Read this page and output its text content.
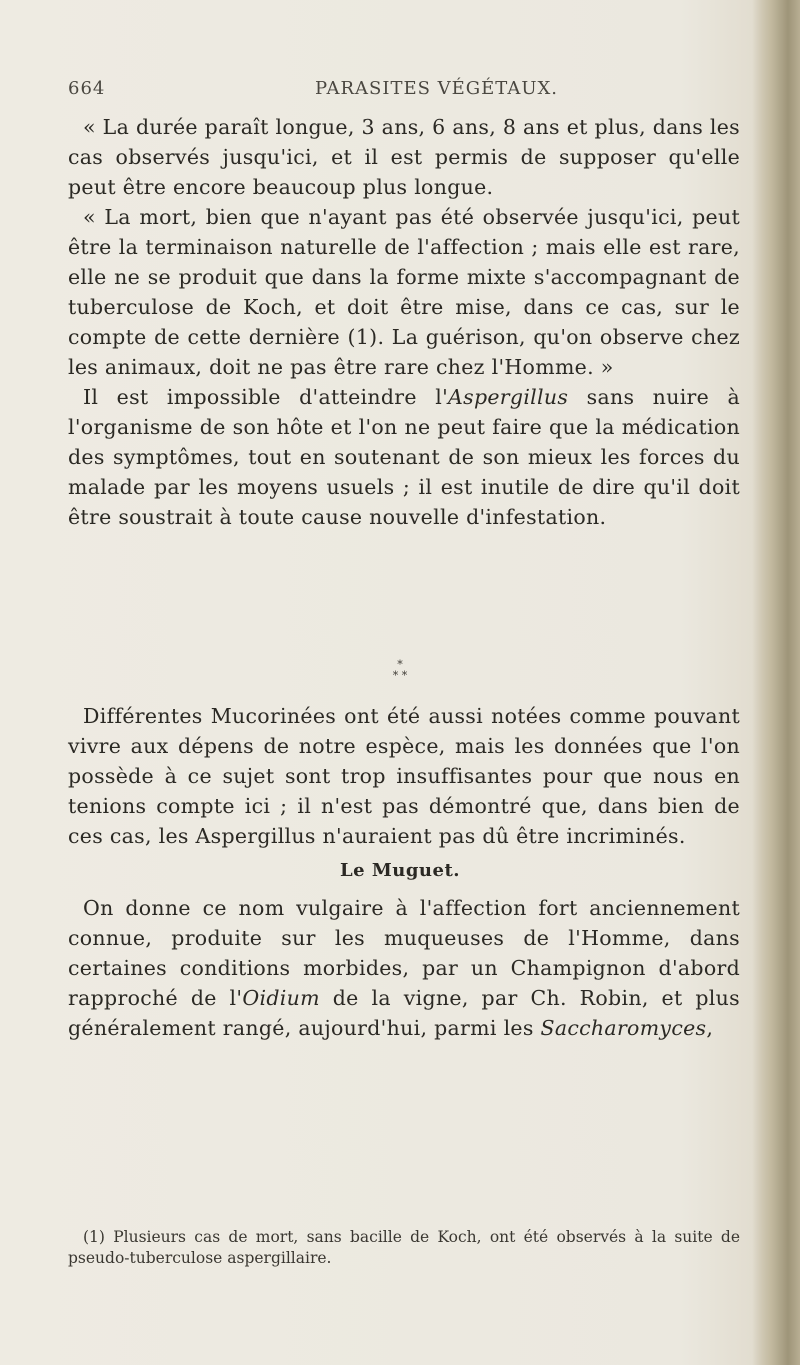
664	PARASITES VÉGÉTAUX.

« La durée paraît longue, 3 ans, 6 ans, 8 ans et plus, dans les cas observés jusqu'ici, et il est permis de supposer qu'elle peut être encore beaucoup plus longue.

« La mort, bien que n'ayant pas été observée jusqu'ici, peut être la terminaison naturelle de l'affection ; mais elle est rare, elle ne se produit que dans la forme mixte s'accompagnant de tuberculose de Koch, et doit être mise, dans ce cas, sur le compte de cette dernière (1). La guérison, qu'on observe chez les animaux, doit ne pas être rare chez l'Homme. »

Il est impossible d'atteindre l'Aspergillus sans nuire à l'organisme de son hôte et l'on ne peut faire que la médication des symptômes, tout en soutenant de son mieux les forces du malade par les moyens usuels ; il est inutile de dire qu'il doit être soustrait à toute cause nouvelle d'infestation.

*
* *

Différentes Mucorinées ont été aussi notées comme pouvant vivre aux dépens de notre espèce, mais les données que l'on possède à ce sujet sont trop insuffisantes pour que nous en tenions compte ici ; il n'est pas démontré que, dans bien de ces cas, les Aspergillus n'auraient pas dû être incriminés.

Le Muguet.

On donne ce nom vulgaire à l'affection fort anciennement connue, produite sur les muqueuses de l'Homme, dans certaines conditions morbides, par un Champignon d'abord rapproché de l'Oidium de la vigne, par Ch. Robin, et plus généralement rangé, aujourd'hui, parmi les Saccharomyces,

(1) Plusieurs cas de mort, sans bacille de Koch, ont été observés à la suite de pseudo-tuberculose aspergillaire.
